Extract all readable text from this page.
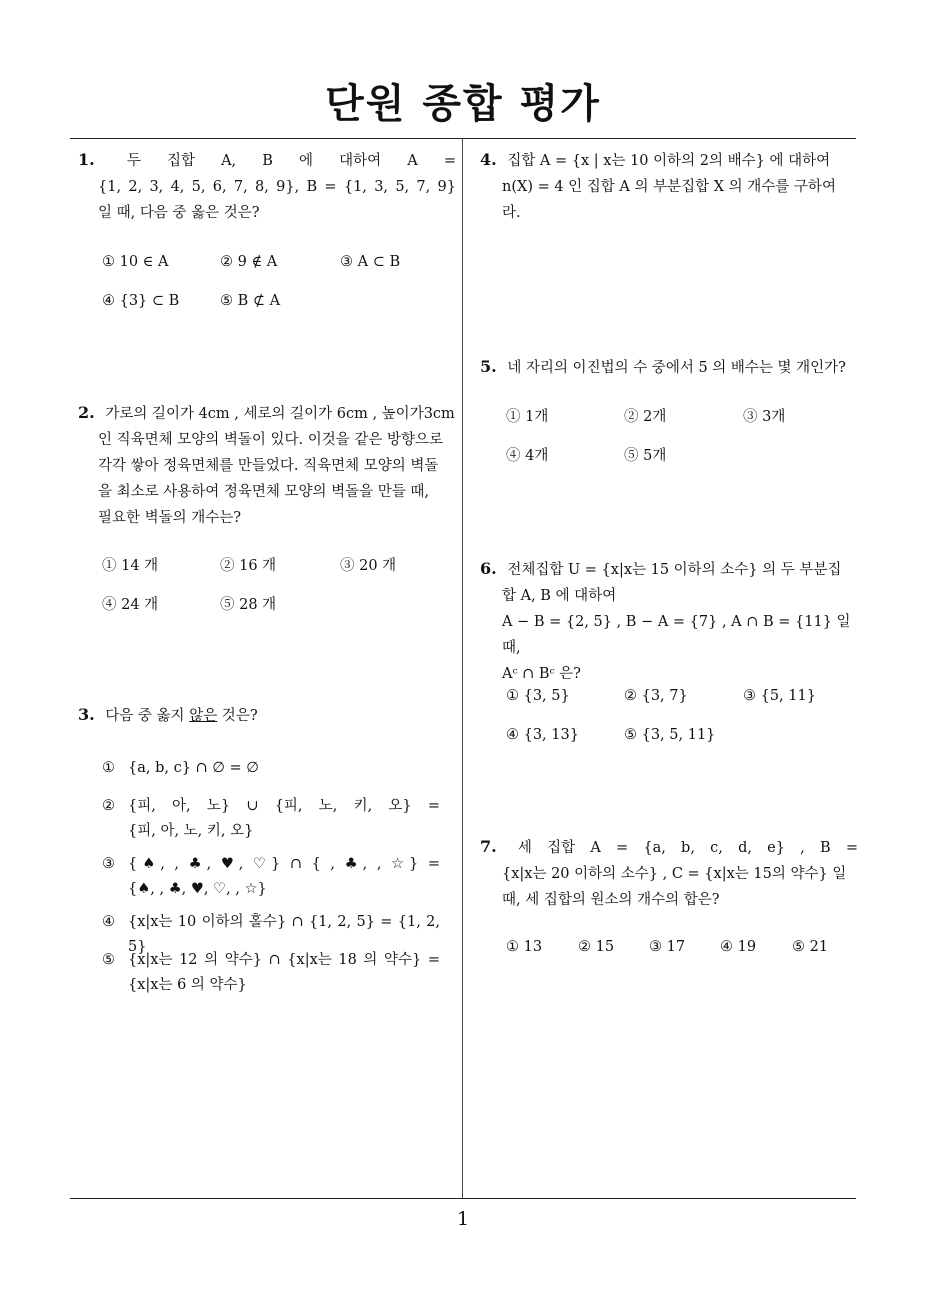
단원 종합 평가
1. 두 집합 A, B 에 대하여 A =
{1, 2, 3, 4, 5, 6, 7, 8, 9}, B = {1, 3, 5, 7, 9}
일 때, 다음 중 옳은 것은?
① 10 ∈ A	② 9 ∉ A	③ A ⊂ B
④ {3} ⊂ B	⑤ B ⊄ A
2. 가로의 길이가 4cm , 세로의 길이가 6cm , 높이가3cm
인 직육면체 모양의 벽돌이 있다. 이것을 같은 방향으로
각각 쌓아 정육면체를 만들었다. 직육면체 모양의 벽돌
을 최소로 사용하여 정육면체 모양의 벽돌을 만들 때,
필요한 벽돌의 개수는?
① 14 개	② 16 개	③ 20 개
④ 24 개	⑤ 28 개
3. 다음 중 옳지 않은 것은?
① {a, b, c} ∩ ∅ = ∅
② {피, 아, 노} ∪ {피, 노, 키, 오} =
{피, 아, 노, 키, 오}
③ {♠, , ♣, ♥, ♡} ∩ { , ♣, , ☆} =
{♠, , ♣, ♥, ♡, , ☆}
④ {x|x는 10 이하의 홀수} ∩ {1, 2, 5} = {1, 2, 5}
⑤ {x|x는 12 의 약수} ∩ {x|x는 18 의 약수} =
{x|x는 6 의 약수}
4. 집합 A = {x | x는 10 이하의 2의 배수} 에 대하여
n(X) = 4 인 집합 A 의 부분집합 X 의 개수를 구하여
라.
5. 네 자리의 이진법의 수 중에서 5 의 배수는 몇 개인가?
① 1개	② 2개	③ 3개
④ 4개	⑤ 5개
6. 전체집합 U = {x|x는 15 이하의 소수} 의 두 부분집
합 A, B 에 대하여
A − B = {2, 5} , B − A = {7} , A ∩ B = {11} 일 때,
Aᶜ ∩ Bᶜ 은?
① {3, 5}	② {3, 7}	③ {5, 11}
④ {3, 13}	⑤ {3, 5, 11}
7. 세 집합 A = {a, b, c, d, e} , B =
{x|x는 20 이하의 소수} , C = {x|x는 15의 약수} 일
때, 세 집합의 원소의 개수의 합은?
① 13 ② 15 ③ 17 ④ 19 ⑤ 21
1
